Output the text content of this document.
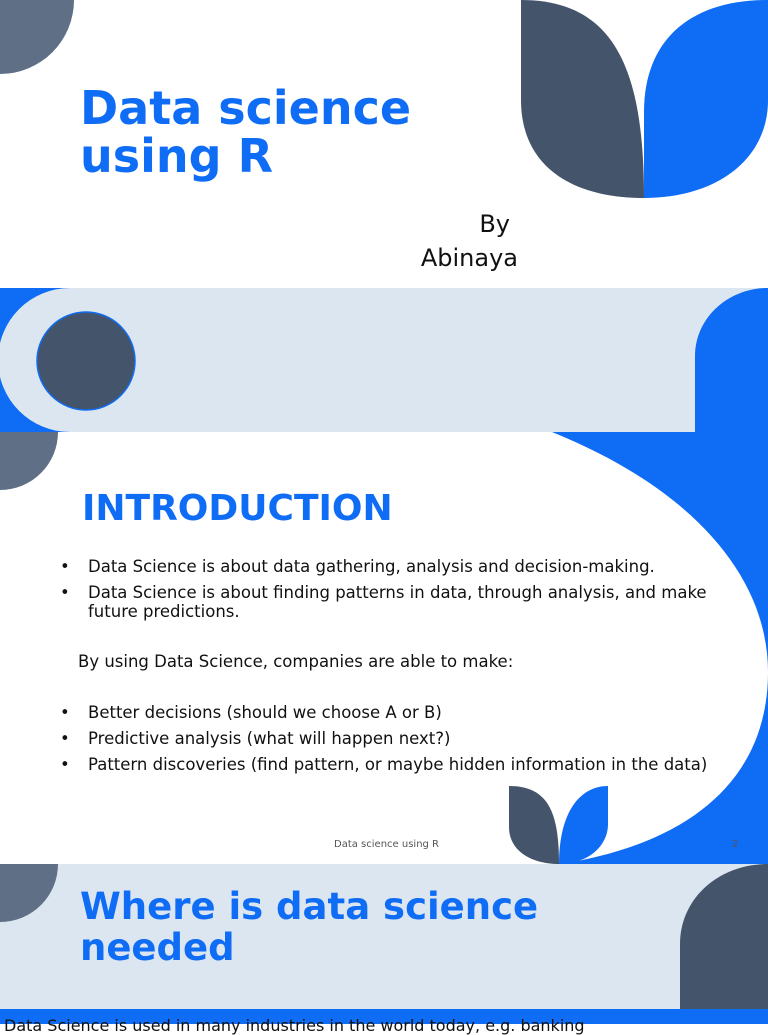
Data science
using R
By
Abinaya
INTRODUCTION
• Data Science is about data gathering, analysis and decision-making.
• Data Science is about finding patterns in data, through analysis, and make future predictions.

By using Data Science, companies are able to make:

• Better decisions (should we choose A or B)
• Predictive analysis (what will happen next?)
• Pattern discoveries (find pattern, or maybe hidden information in the data)
Data science using R	2
Where is data science
needed
Data Science is used in many industries in the world today, e.g. banking
